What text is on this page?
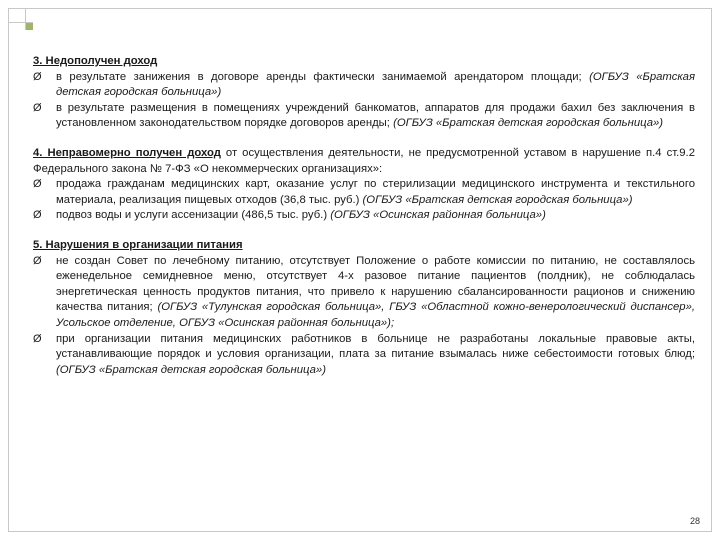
3. Недополучен доход
Ø	в результате занижения в договоре аренды фактически занимаемой арендатором площади; (ОГБУЗ «Братская детская городская больница»)
Ø	в результате размещения в помещениях учреждений банкоматов, аппаратов для продажи бахил без заключения в установленном законодательством порядке договоров аренды; (ОГБУЗ «Братская детская городская больница»)

4. Неправомерно получен доход от осуществления деятельности, не предусмотренной уставом в нарушение п.4 ст.9.2 Федерального закона № 7-ФЗ «О некоммерческих организациях»:

Ø	продажа гражданам медицинских карт, оказание услуг по стерилизации медицинского инструмента и текстильного материала, реализация пищевых отходов (36,8 тыс. руб.) (ОГБУЗ «Братская детская городская больница»)
Ø	подвоз воды и услуги ассенизации (486,5 тыс. руб.) (ОГБУЗ «Осинская районная больница»)
5. Нарушения в организации питания
Ø	не создан Совет по лечебному питанию, отсутствует Положение о работе комиссии по питанию, не составлялось еженедельное семидневное меню, отсутствует 4-х разовое питание пациентов (полдник), не соблюдалась энергетическая ценность продуктов питания, что привело к нарушению сбалансированности рационов и снижению качества питания; (ОГБУЗ «Тулунская городская больница», ГБУЗ «Областной кожно-венерологический диспансер», Усольское отделение, ОГБУЗ «Осинская районная больница»);
Ø	при организации питания медицинских работников в больнице не разработаны локальные правовые акты, устанавливающие порядок и условия организации, плата за питание взымалась ниже себестоимости готовых блюд; (ОГБУЗ «Братская детская городская больница»)
28
